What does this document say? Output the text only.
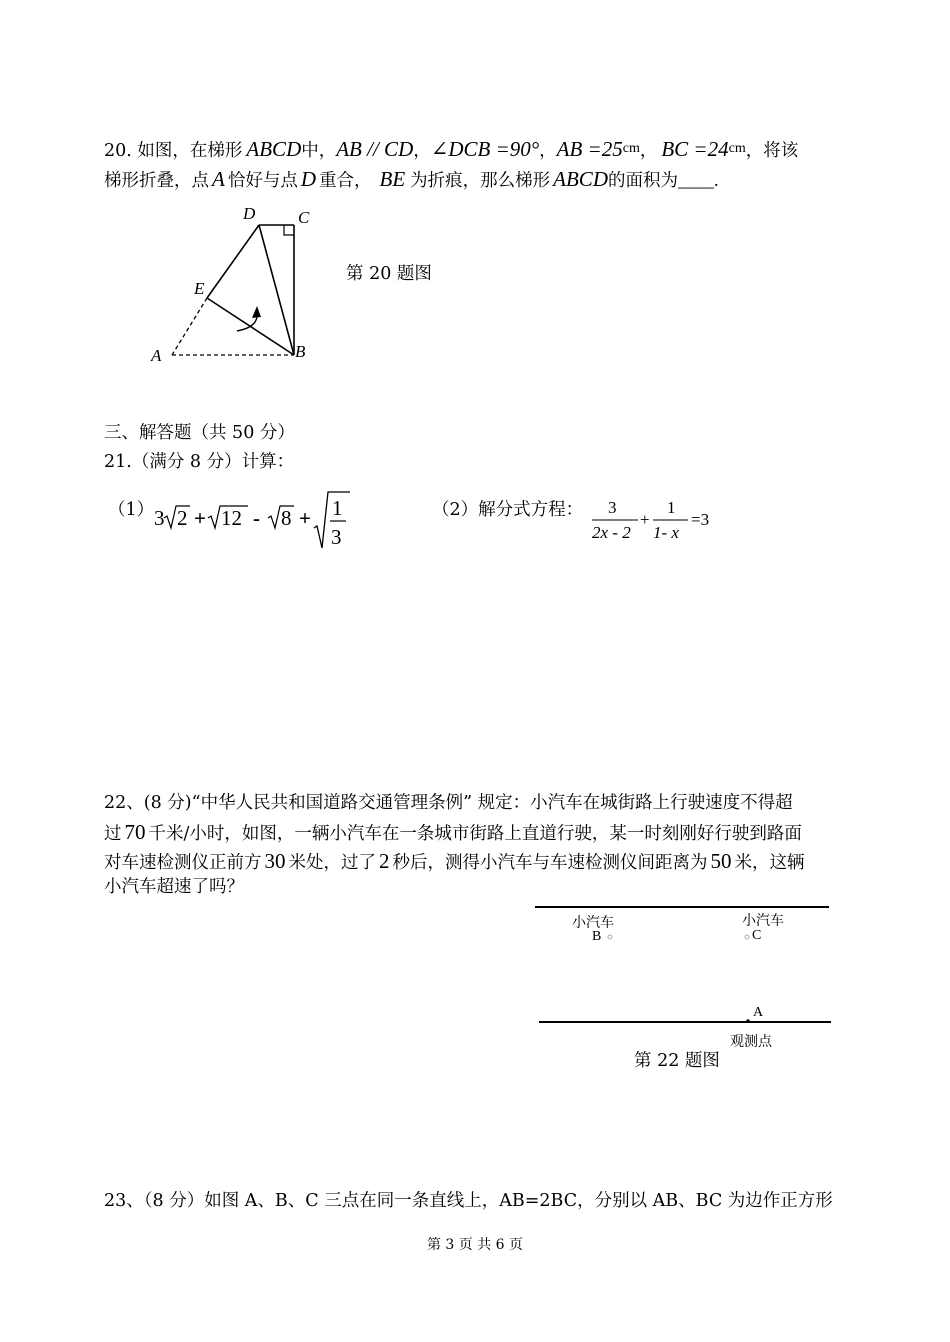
20. 如图，在梯形 ABCD中，AB // CD，∠DCB =90°，AB $=25^{cm}$， BC $=24^{cm}$，将该
梯形折叠，点 A 恰好与点 D 重合， BE 为折痕，那么梯形 ABCD的面积为____.
D	C
E
A	B
第 20 题图
三、解答题（共 50 分）
21.（满分 8 分）计算：
（1） 3 2 + 12 - 8 + 1
3
（2）解分式方程： 3
2x - 2
+
1
1- x
=3
22、(8 分)“中华人民共和国道路交通管理条例” 规定：小汽车在城街路上行驶速度不得超
过 70 千米/小时，如图，一辆小汽车在一条城市街路上直道行驶，某一时刻刚好行驶到路面
对车速检测仪正前方 30 米处，过了 2 秒后，测得小汽车与车速检测仪间距离为 50 米，这辆
小汽车超速了吗？
小汽车	小汽车
B	C
A
观测点
第 22 题图
23、（8 分）如图 A、B、C 三点在同一条直线上，AB=2BC，分别以 AB、BC 为边作正方形
第 3 页 共 6 页
